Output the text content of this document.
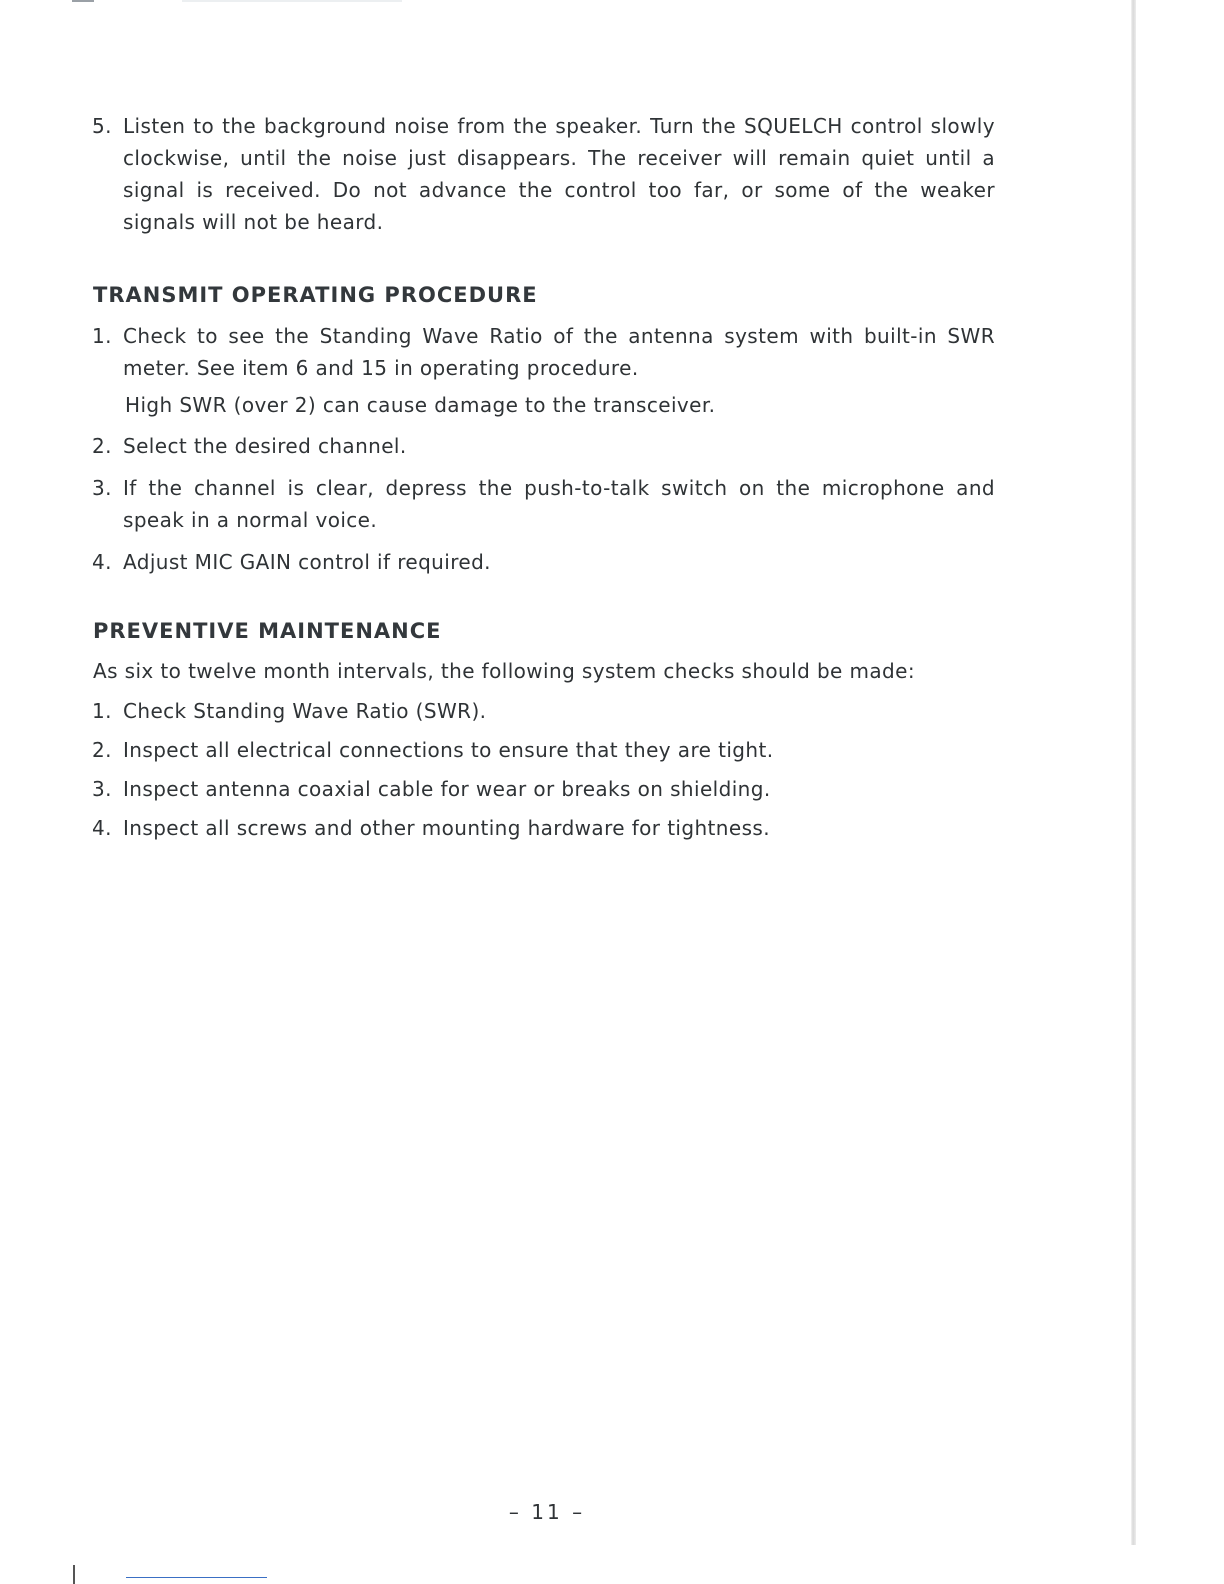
5. Listen to the background noise from the speaker. Turn the SQUELCH control slowly clockwise, until the noise just disappears. The receiver will remain quiet until a signal is received. Do not advance the control too far, or some of the weaker signals will not be heard.
TRANSMIT OPERATING PROCEDURE
1. Check to see the Standing Wave Ratio of the antenna system with built-in SWR meter. See item 6 and 15 in operating procedure.
High SWR (over 2) can cause damage to the transceiver.
2. Select the desired channel.
3. If the channel is clear, depress the push-to-talk switch on the microphone and speak in a normal voice.
4. Adjust MIC GAIN control if required.
PREVENTIVE MAINTENANCE
As six to twelve month intervals, the following system checks should be made:
1. Check Standing Wave Ratio (SWR).
2. Inspect all electrical connections to ensure that they are tight.
3. Inspect antenna coaxial cable for wear or breaks on shielding.
4. Inspect all screws and other mounting hardware for tightness.
– 11 –
